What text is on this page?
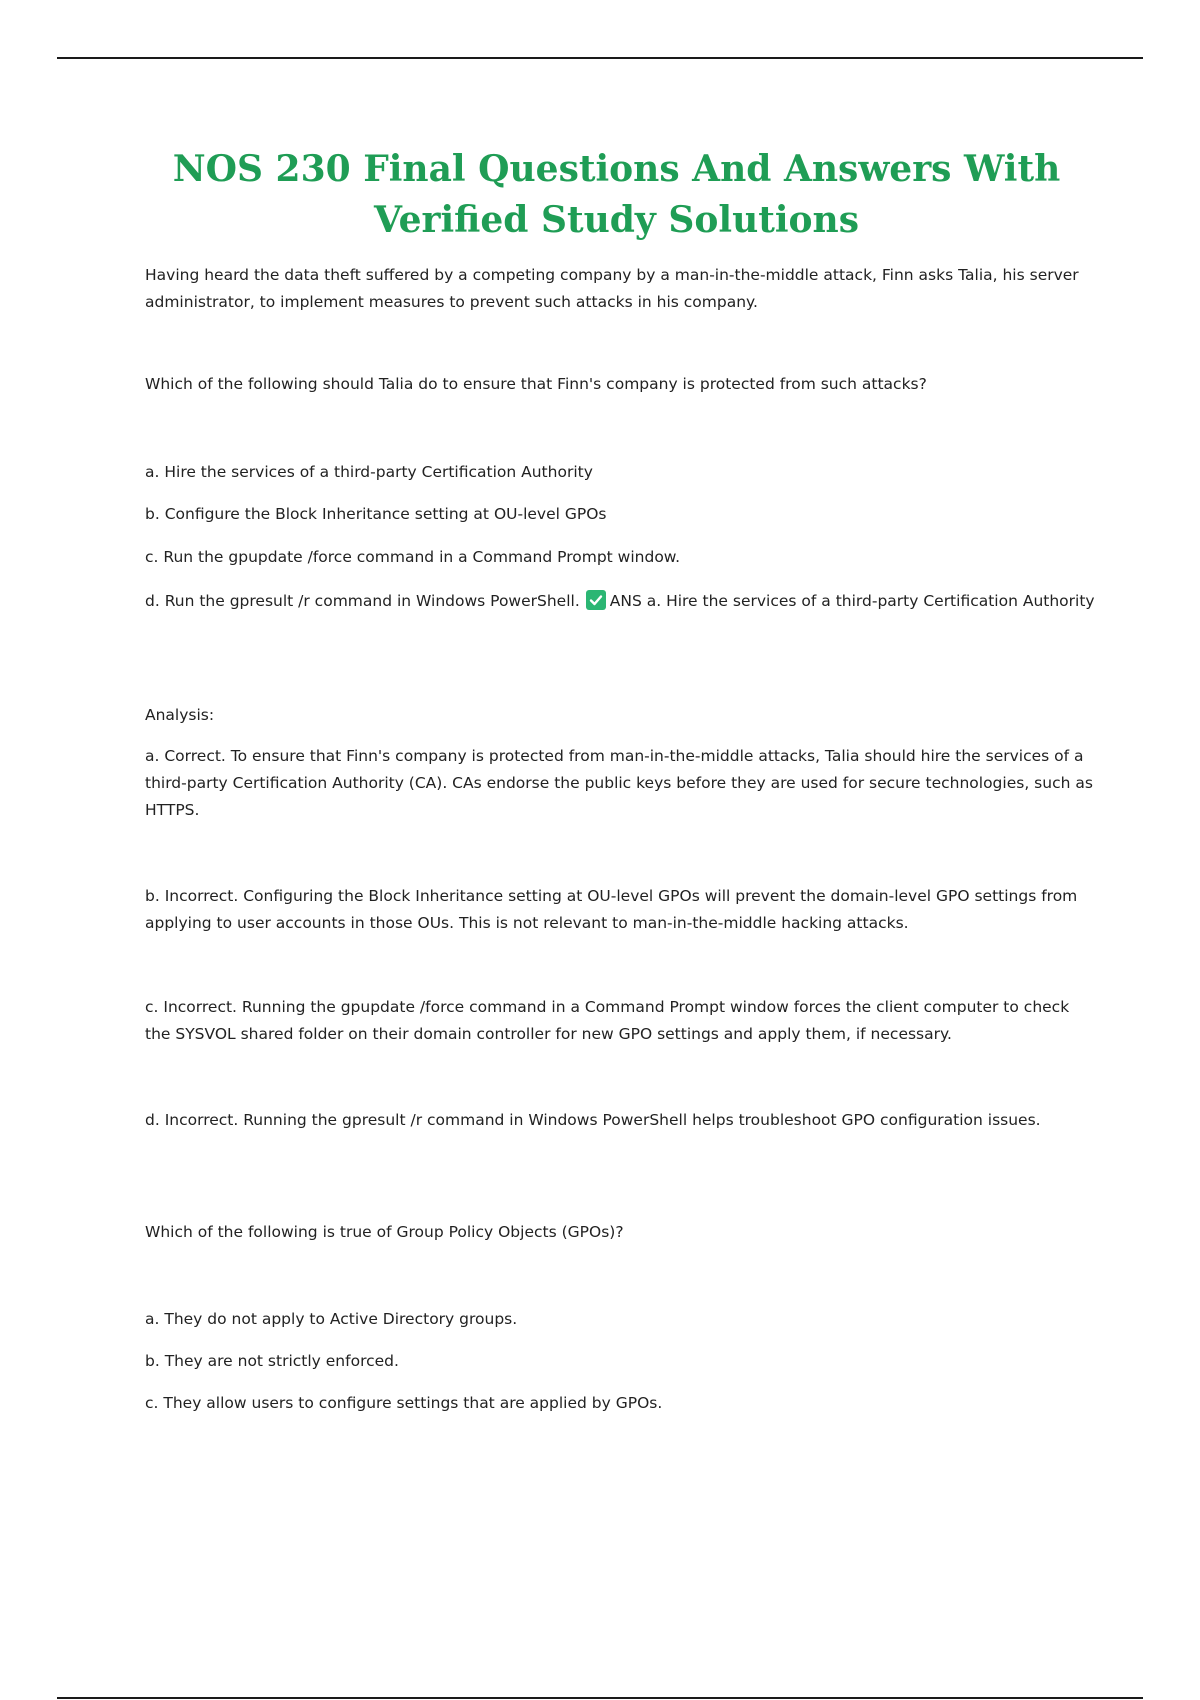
NOS 230 Final Questions And Answers With Verified Study Solutions

Having heard the data theft suffered by a competing company by a man-in-the-middle attack, Finn asks Talia, his server administrator, to implement measures to prevent such attacks in his company.

Which of the following should Talia do to ensure that Finn's company is protected from such attacks?

a. Hire the services of a third-party Certification Authority

b. Configure the Block Inheritance setting at OU-level GPOs

c. Run the gpupdate /force command in a Command Prompt window.

d. Run the gpresult /r command in Windows PowerShell. ANS a. Hire the services of a third-party Certification Authority

Analysis:

a. Correct. To ensure that Finn's company is protected from man-in-the-middle attacks, Talia should hire the services of a third-party Certification Authority (CA). CAs endorse the public keys before they are used for secure technologies, such as HTTPS.

b. Incorrect. Configuring the Block Inheritance setting at OU-level GPOs will prevent the domain-level GPO settings from applying to user accounts in those OUs. This is not relevant to man-in-the-middle hacking attacks.

c. Incorrect. Running the gpupdate /force command in a Command Prompt window forces the client computer to check the SYSVOL shared folder on their domain controller for new GPO settings and apply them, if necessary.

d. Incorrect. Running the gpresult /r command in Windows PowerShell helps troubleshoot GPO configuration issues.

Which of the following is true of Group Policy Objects (GPOs)?

a. They do not apply to Active Directory groups.

b. They are not strictly enforced.

c. They allow users to configure settings that are applied by GPOs.
